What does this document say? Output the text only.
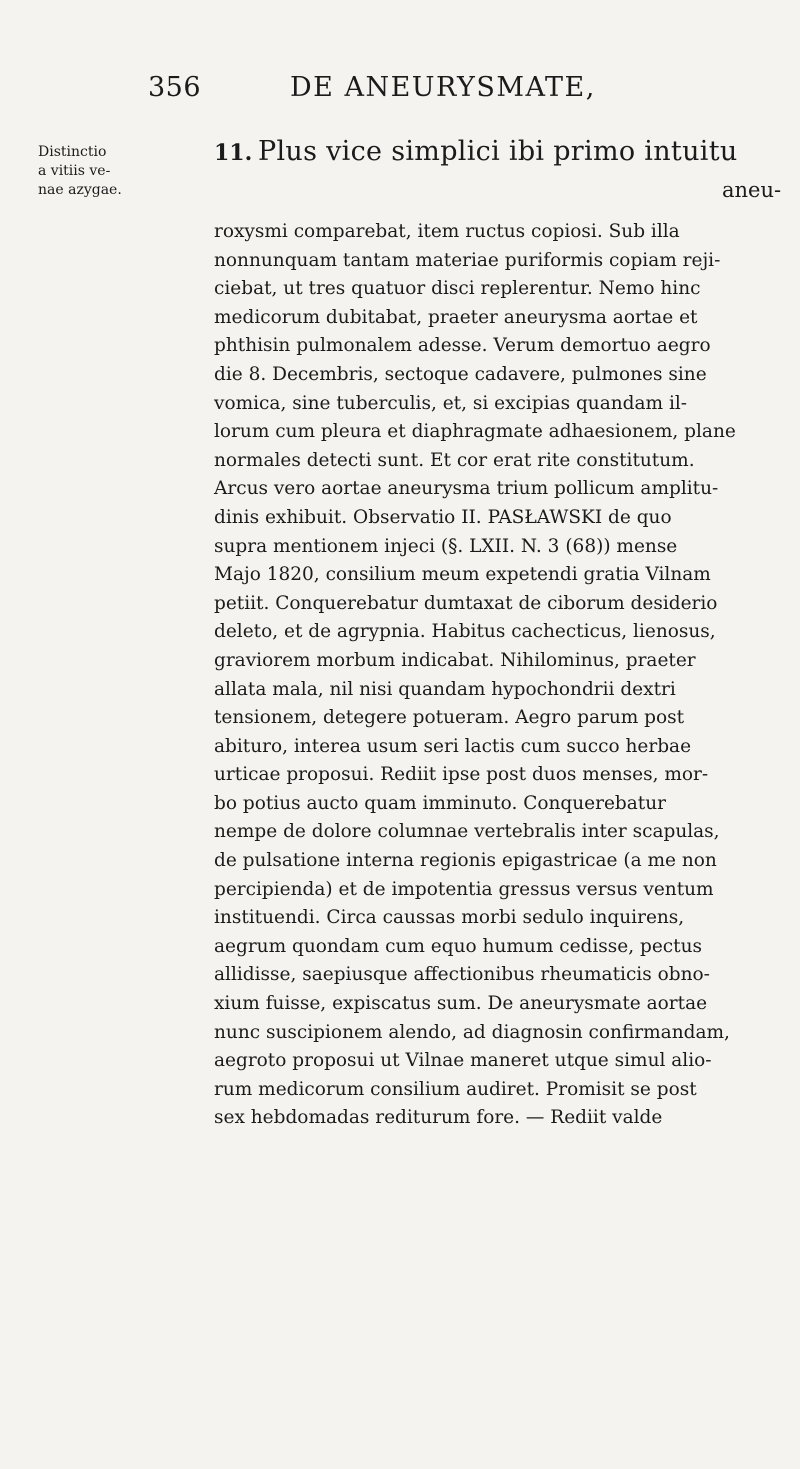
356	DE ANEURYSMATE,
Distinctio
a vitiis ve-
nae azygae.
11. Plus vice simplici ibi primo intuitu
aneu-
roxysmi comparebat, item ructus copiosi. Sub illa
nonnunquam tantam materiae puriformis copiam reji-
ciebat, ut tres quatuor disci replerentur. Nemo hinc
medicorum dubitabat, praeter aneurysma aortae et
phthisin pulmonalem adesse. Verum demortuo aegro
die 8. Decembris, sectoque cadavere, pulmones sine
vomica, sine tuberculis, et, si excipias quandam il-
lorum cum pleura et diaphragmate adhaesionem, plane
normales detecti sunt. Et cor erat rite constitutum.
Arcus vero aortae aneurysma trium pollicum amplitu-
dinis exhibuit. Observatio II. PASŁAWSKI de quo
supra mentionem injeci (§. LXII. N. 3 (68)) mense
Majo 1820, consilium meum expetendi gratia Vilnam
petiit. Conquerebatur dumtaxat de ciborum desiderio
deleto, et de agrypnia. Habitus cachecticus, lienosus,
graviorem morbum indicabat. Nihilominus, praeter
allata mala, nil nisi quandam hypochondrii dextri
tensionem, detegere potueram. Aegro parum post
abituro, interea usum seri lactis cum succo herbae
urticae proposui. Rediit ipse post duos menses, mor-
bo potius aucto quam imminuto. Conquerebatur
nempe de dolore columnae vertebralis inter scapulas,
de pulsatione interna regionis epigastricae (a me non
percipienda) et de impotentia gressus versus ventum
instituendi. Circa caussas morbi sedulo inquirens,
aegrum quondam cum equo humum cedisse, pectus
allidisse, saepiusque affectionibus rheumaticis obno-
xium fuisse, expiscatus sum. De aneurysmate aortae
nunc suscipionem alendo, ad diagnosin confirmandam,
aegroto proposui ut Vilnae maneret utque simul alio-
rum medicorum consilium audiret. Promisit se post
sex hebdomadas rediturum fore. — Rediit valde
